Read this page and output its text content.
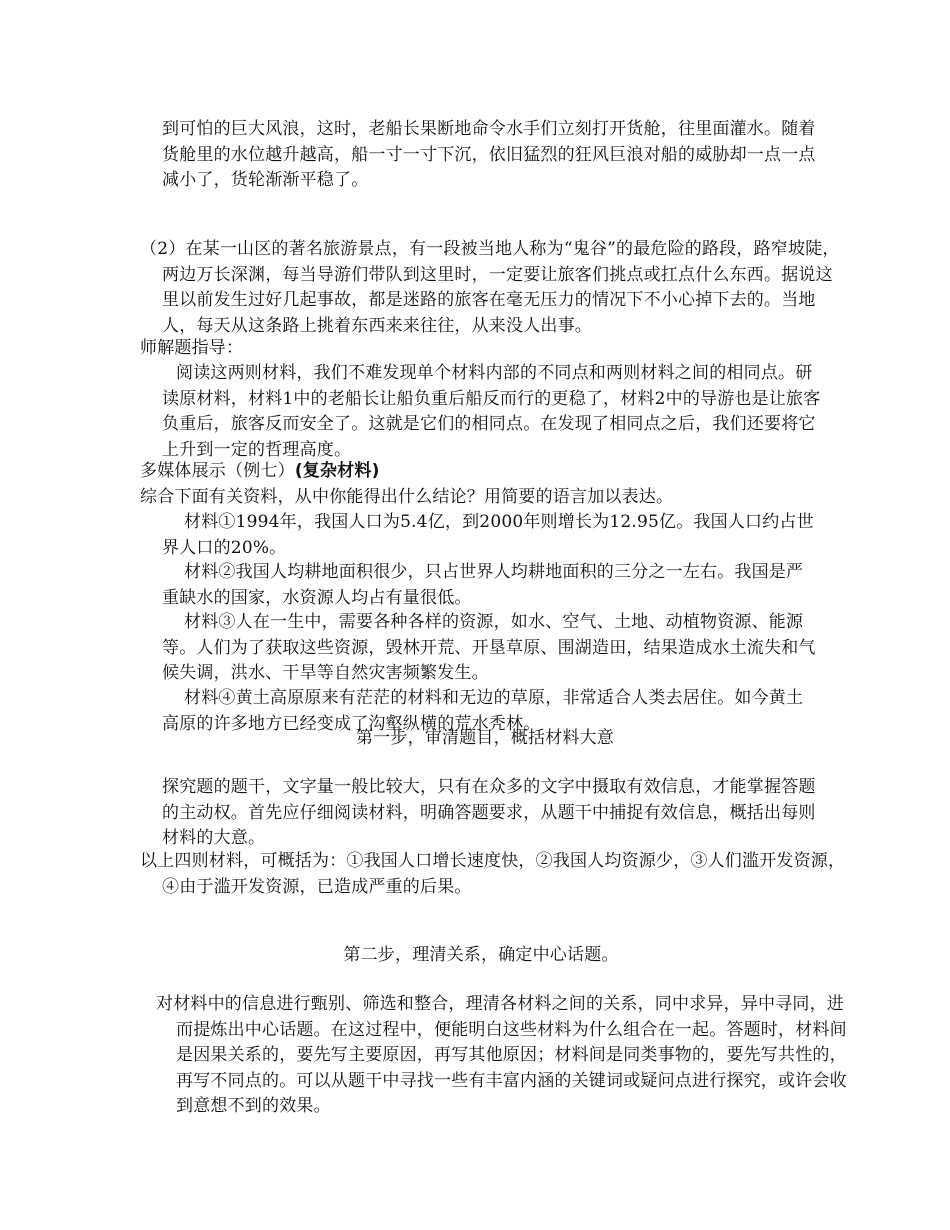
到可怕的巨大风浪，这时，老船长果断地命令水手们立刻打开货舱，往里面灌水。随着货舱里的水位越升越高，船一寸一寸下沉，依旧猛烈的狂风巨浪对船的威胁却一点一点减小了，货轮渐渐平稳了。

（2）在某一山区的著名旅游景点，有一段被当地人称为“鬼谷”的最危险的路段，路窄坡陡，两边万长深渊，每当导游们带队到这里时，一定要让旅客们挑点或扛点什么东西。据说这里以前发生过好几起事故，都是迷路的旅客在毫无压力的情况下不小心掉下去的。当地人，每天从这条路上挑着东西来来往往，从来没人出事。

师解题指导：

阅读这两则材料，我们不难发现单个材料内部的不同点和两则材料之间的相同点。研读原材料，材料1中的老船长让船负重后船反而行的更稳了，材料2中的导游也是让旅客负重后，旅客反而安全了。这就是它们的相同点。在发现了相同点之后，我们还要将它上升到一定的哲理高度。

多媒体展示（例七）(复杂材料)

综合下面有关资料，从中你能得出什么结论？用简要的语言加以表达。

材料①1994年，我国人口为5.4亿，到2000年则增长为12.95亿。我国人口约占世界人口的20%。

材料②我国人均耕地面积很少，只占世界人均耕地面积的三分之一左右。我国是严重缺水的国家，水资源人均占有量很低。

材料③人在一生中，需要各种各样的资源，如水、空气、土地、动植物资源、能源等。人们为了获取这些资源，毁林开荒、开垦草原、围湖造田，结果造成水土流失和气候失调，洪水、干旱等自然灾害频繁发生。

材料④黄土高原原来有茫茫的材料和无边的草原，非常适合人类去居住。如今黄土高原的许多地方已经变成了沟壑纵横的荒水秃林。

第一步，审清题目，概括材料大意

探究题的题干，文字量一般比较大，只有在众多的文字中摄取有效信息，才能掌握答题的主动权。首先应仔细阅读材料，明确答题要求，从题干中捕捉有效信息，概括出每则材料的大意。

以上四则材料，可概括为：①我国人口增长速度快，②我国人均资源少，③人们滥开发资源，④由于滥开发资源，已造成严重的后果。

第二步，理清关系，确定中心话题。

对材料中的信息进行甄别、筛选和整合，理清各材料之间的关系，同中求异，异中寻同，进而提炼出中心话题。在这过程中，便能明白这些材料为什么组合在一起。答题时，材料间是因果关系的，要先写主要原因，再写其他原因；材料间是同类事物的，要先写共性的，再写不同点的。可以从题干中寻找一些有丰富内涵的关键词或疑问点进行探究，或许会收到意想不到的效果。
